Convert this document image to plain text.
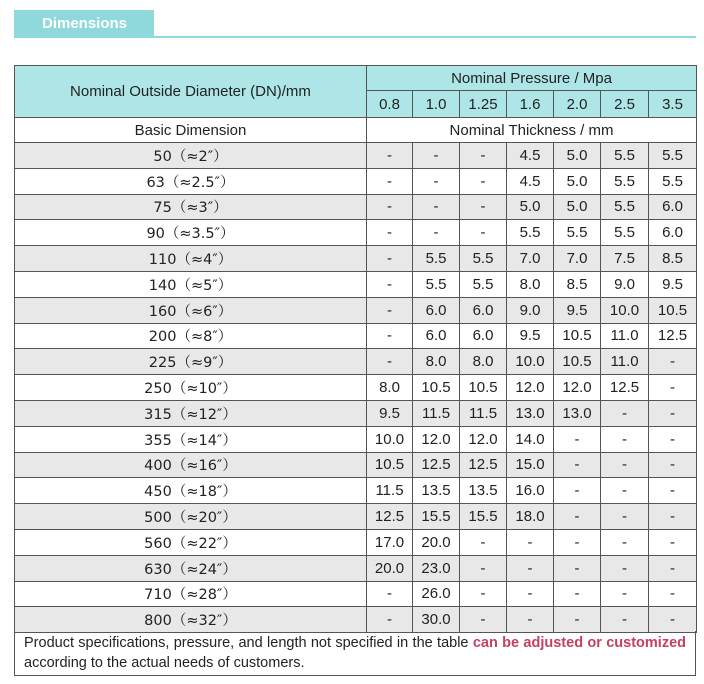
Dimensions
Nominal Outside Diameter (DN)/mm	Nominal Pressure / Mpa						
	0.8	1.0	1.25	1.6	2.0	2.5	3.5
Basic Dimension	Nominal Thickness / mm						
50（≈2″）	-	-	-	4.5	5.0	5.5	5.5
63（≈2.5″）	-	-	-	4.5	5.0	5.5	5.5
75（≈3″）	-	-	-	5.0	5.0	5.5	6.0
90（≈3.5″）	-	-	-	5.5	5.5	5.5	6.0
110（≈4″）	-	5.5	5.5	7.0	7.0	7.5	8.5
140（≈5″）	-	5.5	5.5	8.0	8.5	9.0	9.5
160（≈6″）	-	6.0	6.0	9.0	9.5	10.0	10.5
200（≈8″）	-	6.0	6.0	9.5	10.5	11.0	12.5
225（≈9″）	-	8.0	8.0	10.0	10.5	11.0	-
250（≈10″）	8.0	10.5	10.5	12.0	12.0	12.5	-
315（≈12″）	9.5	11.5	11.5	13.0	13.0	-	-
355（≈14″）	10.0	12.0	12.0	14.0	-	-	-
400（≈16″）	10.5	12.5	12.5	15.0	-	-	-
450（≈18″）	11.5	13.5	13.5	16.0	-	-	-
500（≈20″）	12.5	15.5	15.5	18.0	-	-	-
560（≈22″）	17.0	20.0	-	-	-	-	-
630（≈24″）	20.0	23.0	-	-	-	-	-
710（≈28″）	-	26.0	-	-	-	-	-
800（≈32″）	-	30.0	-	-	-	-	-
Product specifications, pressure, and length not specified in the table can be adjusted or customized according to the actual needs of customers.
